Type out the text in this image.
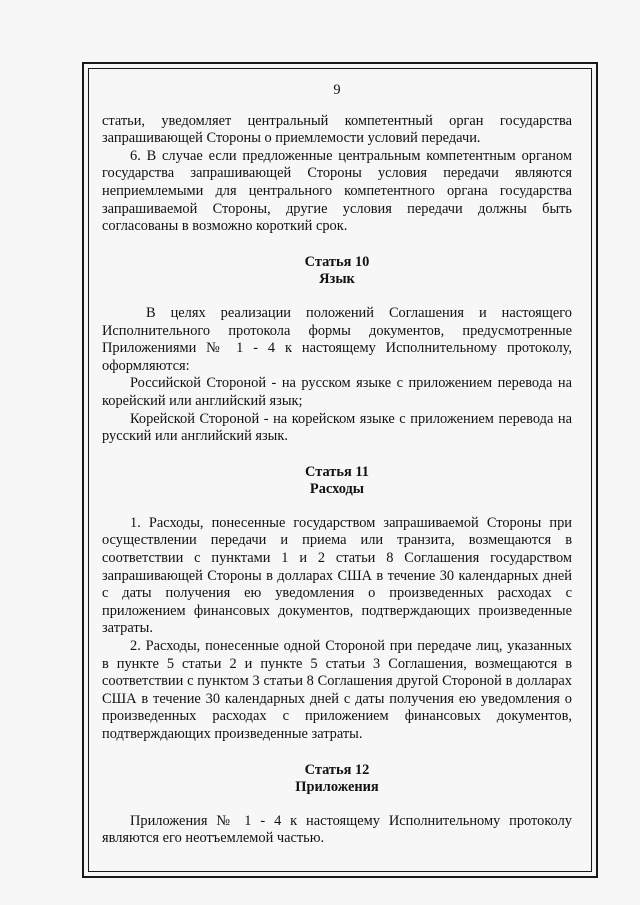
9

статьи, уведомляет центральный компетентный орган государства запрашивающей Стороны о приемлемости условий передачи.

6. В случае если предложенные центральным компетентным органом государства запрашивающей Стороны условия передачи являются неприемлемыми для центрального компетентного органа государства запрашиваемой Стороны, другие условия передачи должны быть согласованы в возможно короткий срок.

Статья 10
Язык

В целях реализации положений Соглашения и настоящего Исполнительного протокола формы документов, предусмотренные Приложениями № 1 - 4 к настоящему Исполнительному протоколу, оформляются:

Российской Стороной - на русском языке с приложением перевода на корейский или английский язык;

Корейской Стороной - на корейском языке с приложением перевода на русский или английский язык.

Статья 11
Расходы

1. Расходы, понесенные государством запрашиваемой Стороны при осуществлении передачи и приема или транзита, возмещаются в соответствии с пунктами 1 и 2 статьи 8 Соглашения государством запрашивающей Стороны в долларах США в течение 30 календарных дней с даты получения ею уведомления о произведенных расходах с приложением финансовых документов, подтверждающих произведенные затраты.

2. Расходы, понесенные одной Стороной при передаче лиц, указанных в пункте 5 статьи 2 и пункте 5 статьи 3 Соглашения, возмещаются в соответствии с пунктом 3 статьи 8 Соглашения другой Стороной в долларах США в течение 30 календарных дней с даты получения ею уведомления о произведенных расходах с приложением финансовых документов, подтверждающих произведенные затраты.

Статья 12
Приложения

Приложения № 1 - 4 к настоящему Исполнительному протоколу являются его неотъемлемой частью.
